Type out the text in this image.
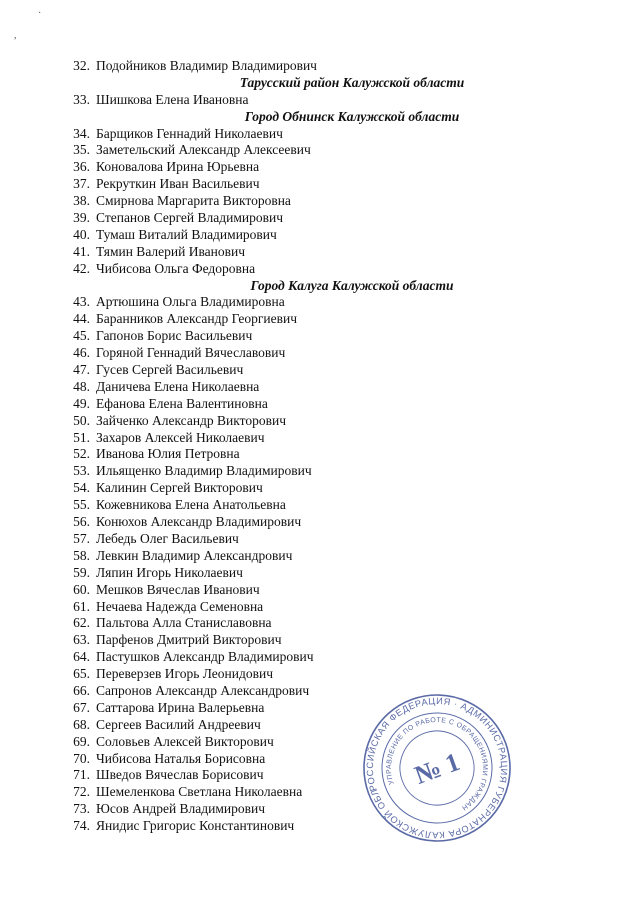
·
,
32. Подойников Владимир Владимирович
Тарусский район Калужской области
33. Шишкова Елена Ивановна
Город Обнинск Калужской области
34. Барщиков Геннадий Николаевич
35. Заметельский Александр Алексеевич
36. Коновалова Ирина Юрьевна
37. Рекруткин Иван Васильевич
38. Смирнова Маргарита Викторовна
39. Степанов Сергей Владимирович
40. Тумаш Виталий Владимирович
41. Тямин Валерий Иванович
42. Чибисова Ольга Федоровна
Город Калуга Калужской области
43. Артюшина Ольга Владимировна
44. Баранников Александр Георгиевич
45. Гапонов Борис Васильевич
46. Горяной Геннадий Вячеславович
47. Гусев Сергей Васильевич
48. Даничева Елена Николаевна
49. Ефанова Елена Валентиновна
50. Зайченко Александр Викторович
51. Захаров Алексей Николаевич
52. Иванова Юлия Петровна
53. Ильященко Владимир Владимирович
54. Калинин Сергей Викторович
55. Кожевникова Елена Анатольевна
56. Конюхов Александр Владимирович
57. Лебедь Олег Васильевич
58. Левкин Владимир Александрович
59. Ляпин Игорь Николаевич
60. Мешков Вячеслав Иванович
61. Нечаева Надежда Семеновна
62. Пальтова Алла Станиславовна
63. Парфенов Дмитрий Викторович
64. Пастушков Александр Владимирович
65. Переверзев Игорь Леонидович
66. Сапронов Александр Александрович
67. Саттарова Ирина Валерьевна
68. Сергеев Василий Андреевич
69. Соловьев Алексей Викторович
70. Чибисова Наталья Борисовна
71. Шведов Вячеслав Борисович
72. Шемеленкова Светлана Николаевна
73. Юсов Андрей Владимирович
74. Янидис Григорис Константинович
РОССИЙСКАЯ ФЕДЕРАЦИЯ · АДМИНИСТРАЦИЯ ГУБЕРНАТОРА КАЛУЖСКОЙ ОБЛАСТИ
УПРАВЛЕНИЕ ПО РАБОТЕ С ОБРАЩЕНИЯМИ ГРАЖДАН
№ 1
